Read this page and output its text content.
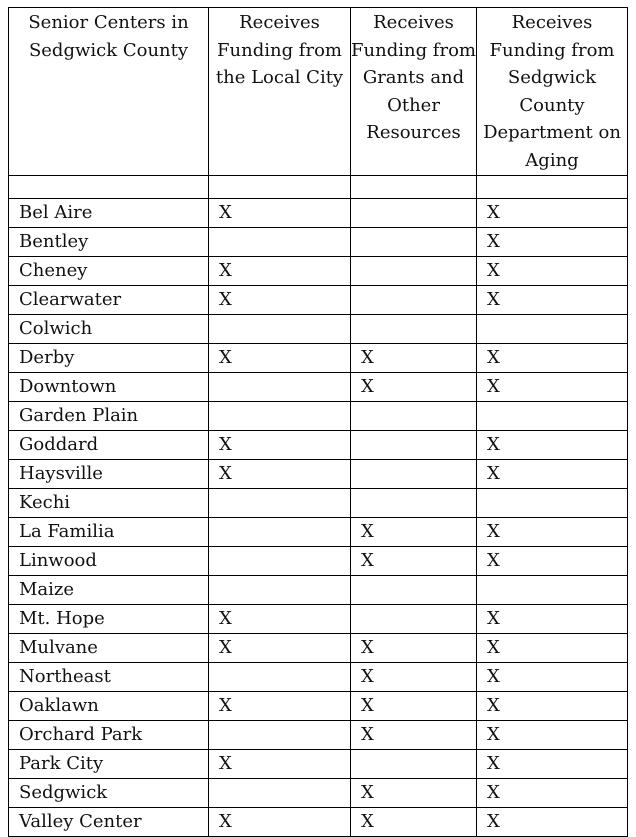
Senior Centers in Sedgwick County	Receives Funding from the Local City	Receives Funding from Grants and Other Resources	Receives Funding from Sedgwick County Department on Aging

Bel Aire	X		X
Bentley			X
Cheney	X		X
Clearwater	X		X
Colwich			
Derby	X	X	X
Downtown		X	X
Garden Plain			
Goddard	X		X
Haysville	X		X
Kechi			
La Familia		X	X
Linwood		X	X
Maize			
Mt. Hope	X		X
Mulvane	X	X	X
Northeast		X	X
Oaklawn	X	X	X
Orchard Park		X	X
Park City	X		X
Sedgwick		X	X
Valley Center	X	X	X
